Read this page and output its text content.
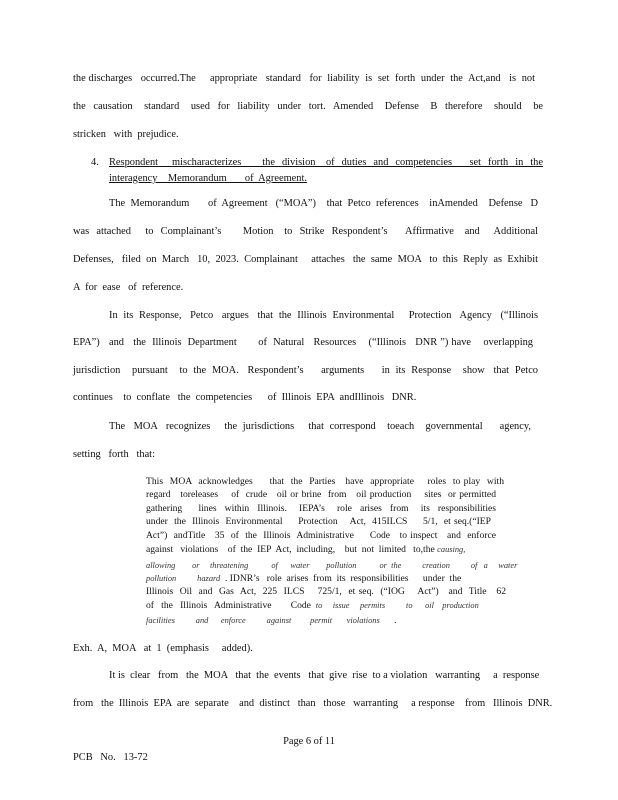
the discharges   occurred.The     appropriate   standard   for  liability  is  set  forth  under  the  Act,and   is  not
the  causation   standard   used  for  liability  under  tort.  Amended   Defense   B  therefore   should   be
stricken   with  prejudice.
4. Respondent    mischaracterizes      the  division   of  duties  and  competencies     set  forth  in  the
interagency    Memorandum       of  Agreement.
The  Memorandum       of  Agreement   (“MOA”)    that  Petco  references    inAmended    Defense   D
was  attached    to  Complainant’s      Motion   to  Strike  Respondent’s     Affirmative   and    Additional
Defenses,   filed  on  March   10,  2023.  Complainant     attaches   the  same  MOA   to  this  Reply  as  Exhibit
A  for  ease   of  reference.
In  its  Response,   Petco   argues   that  the  Illinois  Environmental     Protection   Agency   (“Illinois
EPA”)   and   the  Illinois  Department       of  Natural   Resources    (“Illinois   DNR ”) have    overlapping
jurisdiction    pursuant    to  the  MOA.   Respondent’s      arguments      in  its  Response    show   that  Petco
continues    to  conflate   the  competencies      of  Illinois  EPA  andIllinois   DNR.
The   MOA   recognizes     the  jurisdictions     that  correspond    toeach    governmental      agency,
setting   forth   that:
This  MOA  acknowledges     that  the  Parties   have  appropriate    roles  to play  with
regard   toreleases    of  crude   oil or brine  from   oil production    sites  or permitted
gathering    lines  within  Illinois.   IEPA’s   role  arises  from   its  responsibilities
under  the  Illinois  Environmental     Protection    Act,  415ILCS     5/1,  et seq.(“IEP
Act”)  andTitle   35  of  the  Illinois  Administrative     Code   to inspect   and  enforce
against   violations    of  the  IEP  Act,  including,    but  not  limited   to,the causing,
allowing        or     threatening           of      water        pollution           or  the          creation          of   a     water
pollution          hazard  . IDNR’s   role  arises  from  its  responsibilities      under  the
Illinois  Oil  and  Gas  Act,  225  ILCS    725/1,  et seq.  (“IOG    Act”)   and  Title   62
of   the   Illinois   Administrative        Code  to     issue     permits          to      oil    production
facilities          and      enforce          against         permit       violations      .
Exh.  A,  MOA   at  1  (emphasis     added).
It is  clear   from   the  MOA   that  the  events   that  give  rise  to a violation   warranting     a  response
from   the  Illinois  EPA  are  separate    and  distinct   than   those   warranting     a response    from   Illinois  DNR.
Page 6 of 11
PCB   No.   13-72
